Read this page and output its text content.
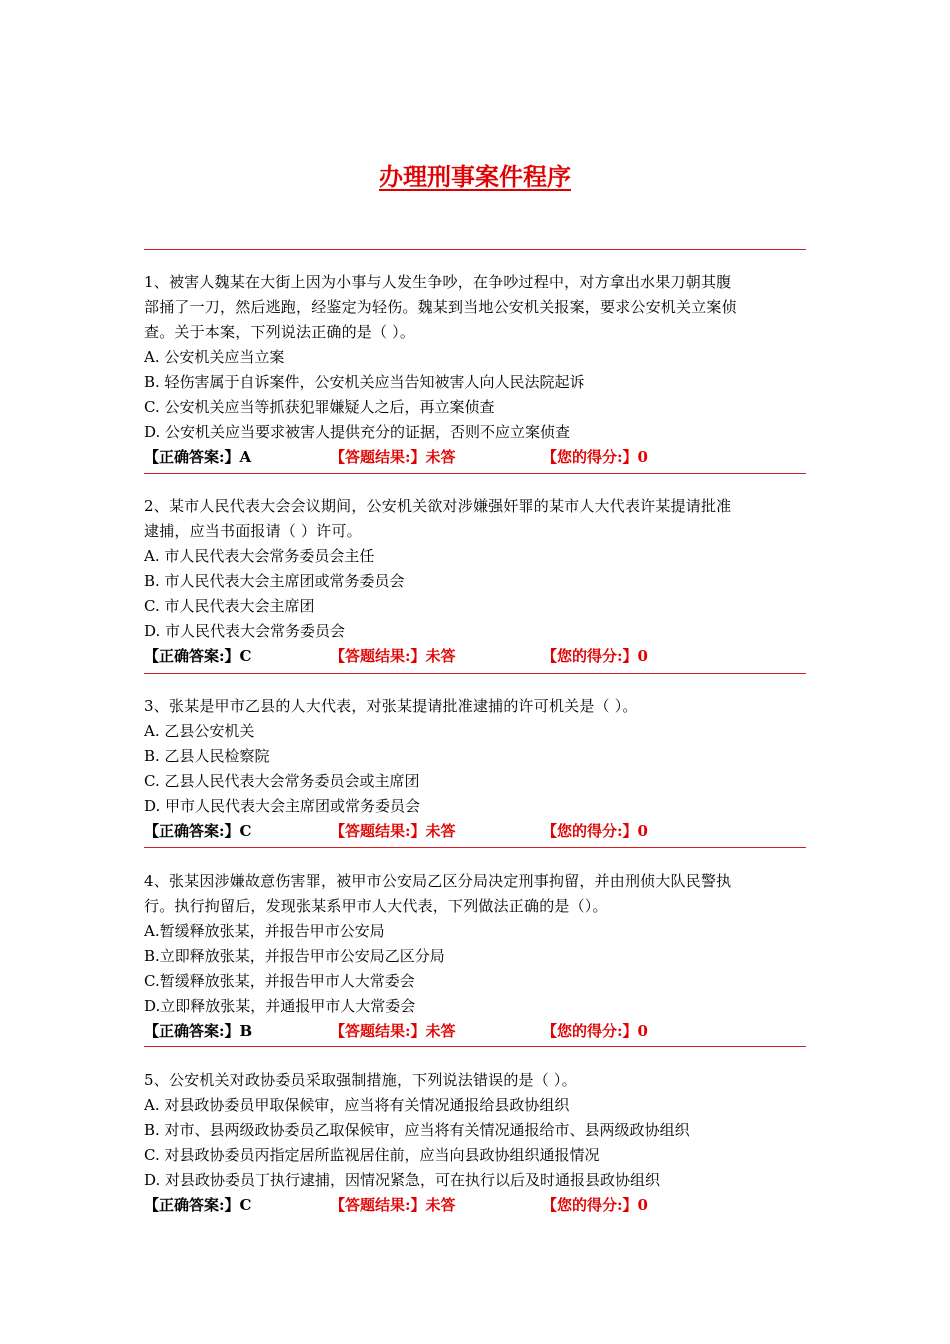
办理刑事案件程序

1、被害人魏某在大街上因为小事与人发生争吵，在争吵过程中，对方拿出水果刀朝其腹

部捅了一刀，然后逃跑，经鉴定为轻伤。魏某到当地公安机关报案，要求公安机关立案侦

查。关于本案，下列说法正确的是（ ）。

A. 公安机关应当立案

B. 轻伤害属于自诉案件，公安机关应当告知被害人向人民法院起诉

C. 公安机关应当等抓获犯罪嫌疑人之后，再立案侦查

D. 公安机关应当要求被害人提供充分的证据，否则不应立案侦查

【正确答案:】A	【答题结果:】未答	【您的得分:】0

2、某市人民代表大会会议期间，公安机关欲对涉嫌强奸罪的某市人大代表许某提请批准

逮捕，应当书面报请（ ）许可。

A. 市人民代表大会常务委员会主任

B. 市人民代表大会主席团或常务委员会

C. 市人民代表大会主席团

D. 市人民代表大会常务委员会

【正确答案:】C	【答题结果:】未答	【您的得分:】0

3、张某是甲市乙县的人大代表，对张某提请批准逮捕的许可机关是（ ）。

A. 乙县公安机关

B. 乙县人民检察院

C. 乙县人民代表大会常务委员会或主席团

D. 甲市人民代表大会主席团或常务委员会

【正确答案:】C	【答题结果:】未答	【您的得分:】0

4、张某因涉嫌故意伤害罪，被甲市公安局乙区分局决定刑事拘留，并由刑侦大队民警执

行。执行拘留后，发现张某系甲市人大代表，下列做法正确的是（）。

A.暂缓释放张某，并报告甲市公安局

B.立即释放张某，并报告甲市公安局乙区分局

C.暂缓释放张某，并报告甲市人大常委会

D.立即释放张某，并通报甲市人大常委会

【正确答案:】B	【答题结果:】未答	【您的得分:】0

5、公安机关对政协委员采取强制措施，下列说法错误的是（ ）。

A. 对县政协委员甲取保候审，应当将有关情况通报给县政协组织

B. 对市、县两级政协委员乙取保候审，应当将有关情况通报给市、县两级政协组织

C. 对县政协委员丙指定居所监视居住前，应当向县政协组织通报情况

D. 对县政协委员丁执行逮捕，因情况紧急，可在执行以后及时通报县政协组织

【正确答案:】C	【答题结果:】未答	【您的得分:】0
